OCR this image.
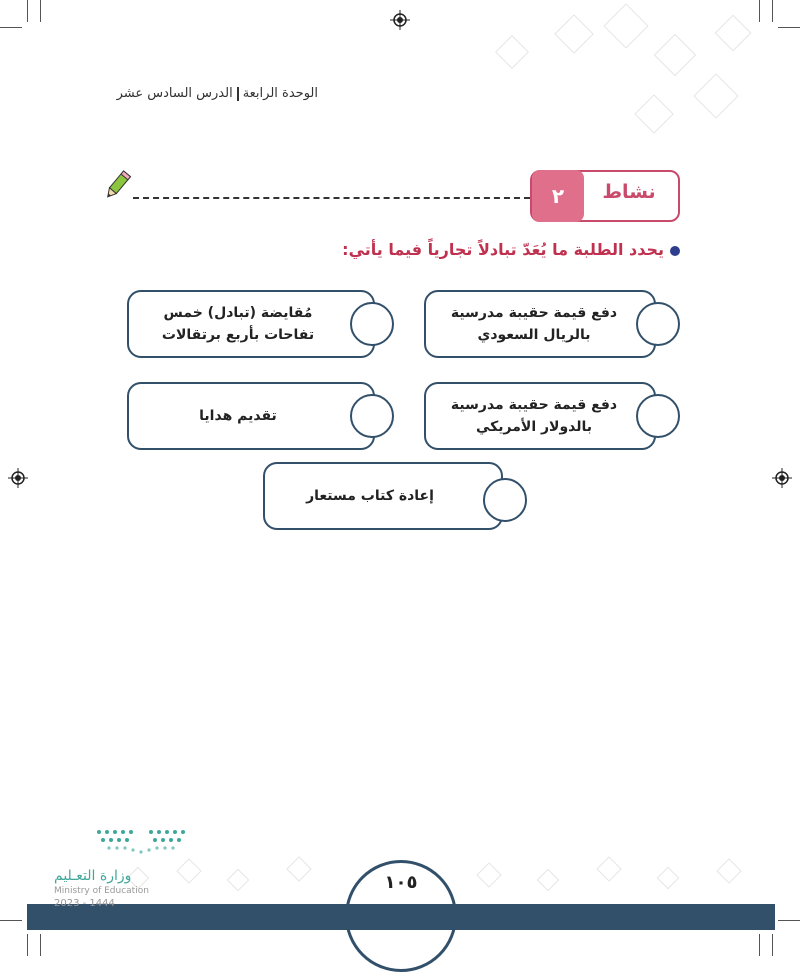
الوحدة الرابعةالدرس السادس عشر
٢	نشاط
يحدد الطلبة ما يُعَدّ تبادلاً تجارياً فيما يأتي:
دفع قيمة حقيبة مدرسية
بالريال السعودي
مُقايضة (تبادل) خمس
تفاحات بأربع برتقالات
دفع قيمة حقيبة مدرسية
بالدولار الأمريكي
تقديم هدايا
إعادة كتاب مستعار
١٠٥
وزارة التعـليم
Ministry of Education
2023 - 1444
